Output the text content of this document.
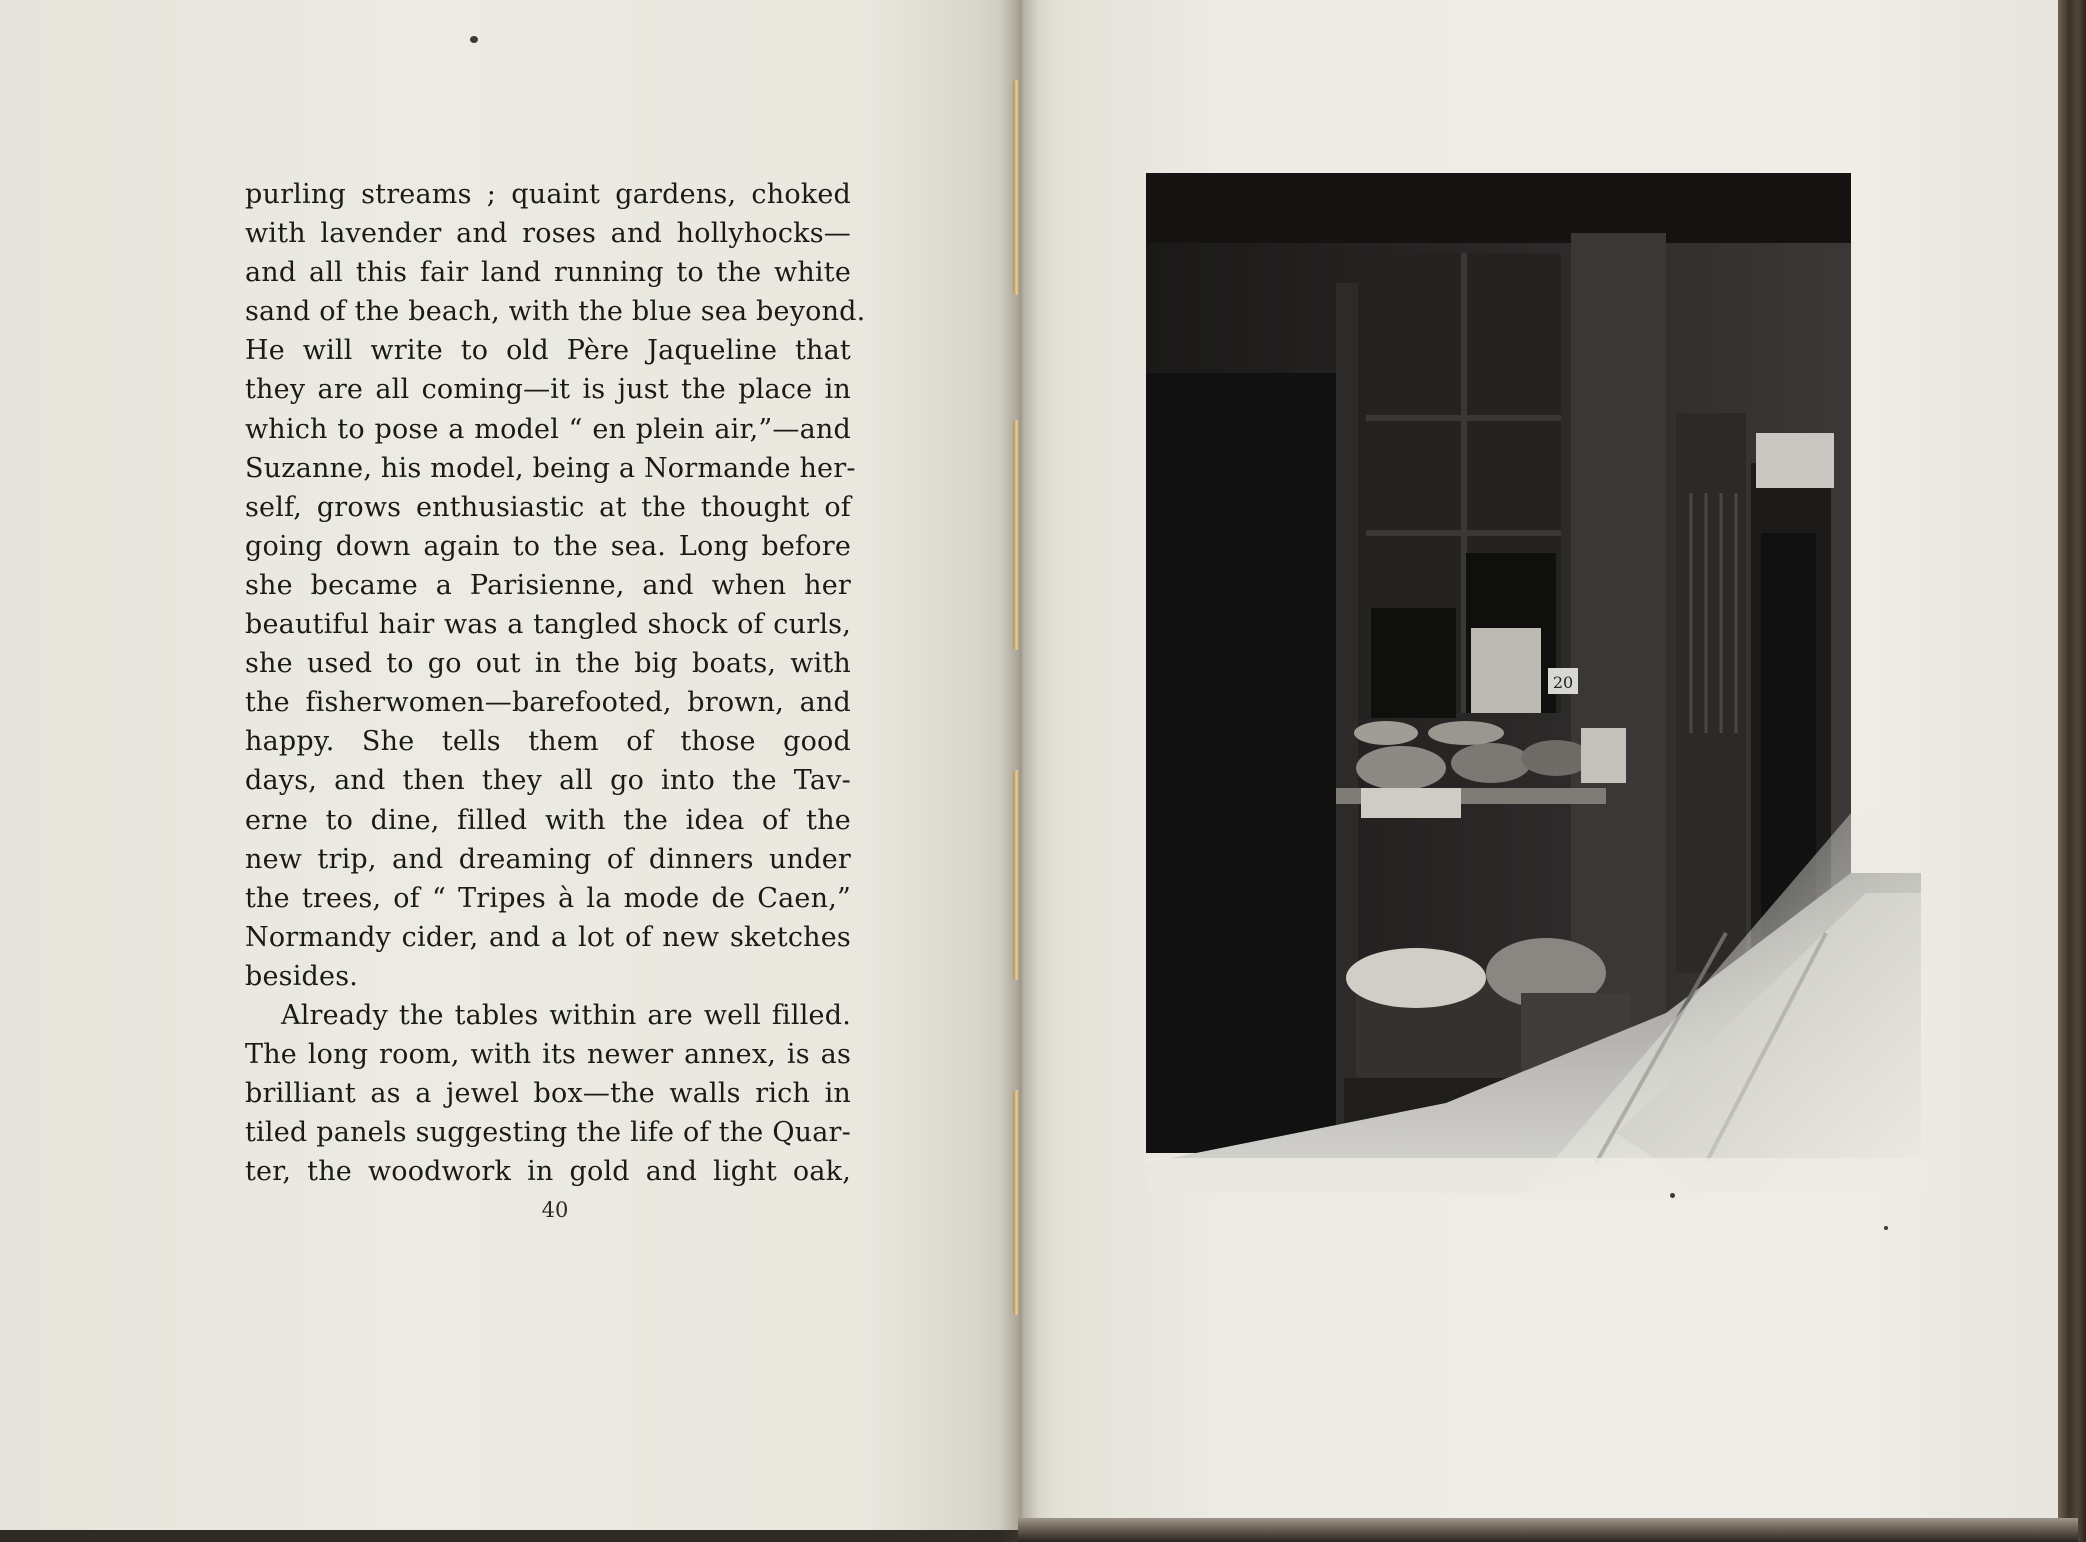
purling streams ; quaint gardens, choked
with lavender and roses and hollyhocks—
and all this fair land running to the white
sand of the beach, with the blue sea beyond.
He will write to old Père Jaqueline that
they are all coming—it is just the place in
which to pose a model “ en plein air,”—and
Suzanne, his model, being a Normande her-
self, grows enthusiastic at the thought of
going down again to the sea. Long before
she became a Parisienne, and when her
beautiful hair was a tangled shock of curls,
she used to go out in the big boats, with
the fisherwomen—barefooted, brown, and
happy. She tells them of those good
days, and then they all go into the Tav-
erne to dine, filled with the idea of the
new trip, and dreaming of dinners under
the trees, of “ Tripes à la mode de Caen,”
Normandy cider, and a lot of new sketches
besides.
Already the tables within are well filled.
The long room, with its newer annex, is as
brilliant as a jewel box—the walls rich in
tiled panels suggesting the life of the Quar-
ter, the woodwork in gold and light oak,
40
20
